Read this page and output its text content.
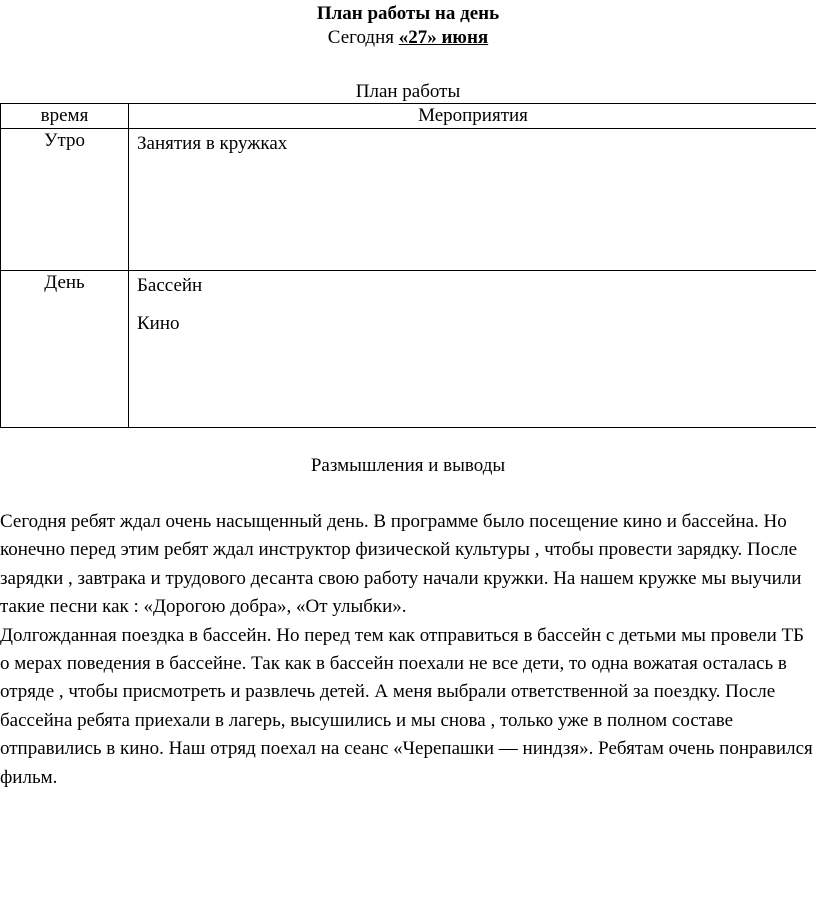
План работы на день
Сегодня «27» июня
План работы
время	Мероприятия
Утро	Занятия в кружках

День	Бассейн
Кино
Размышления и выводы

Сегодня ребят ждал очень насыщенный день. В программе было посещение кино и бассейна. Но конечно перед этим ребят ждал инструктор физической культуры , чтобы провести зарядку. После зарядки , завтрака и трудового десанта свою работу начали кружки. На нашем кружке мы выучили такие песни как : «Дорогою добра», «От улыбки».

Долгожданная поездка в бассейн. Но перед тем как отправиться в бассейн с детьми мы провели ТБ о мерах поведения в бассейне. Так как в бассейн поехали не все дети, то одна вожатая осталась в отряде , чтобы присмотреть и развлечь детей. А меня выбрали ответственной за поездку. После бассейна ребята приехали в лагерь, высушились и мы снова , только уже в полном составе отправились в кино. Наш отряд поехал на сеанс «Черепашки — ниндзя». Ребятам очень понравился фильм.
